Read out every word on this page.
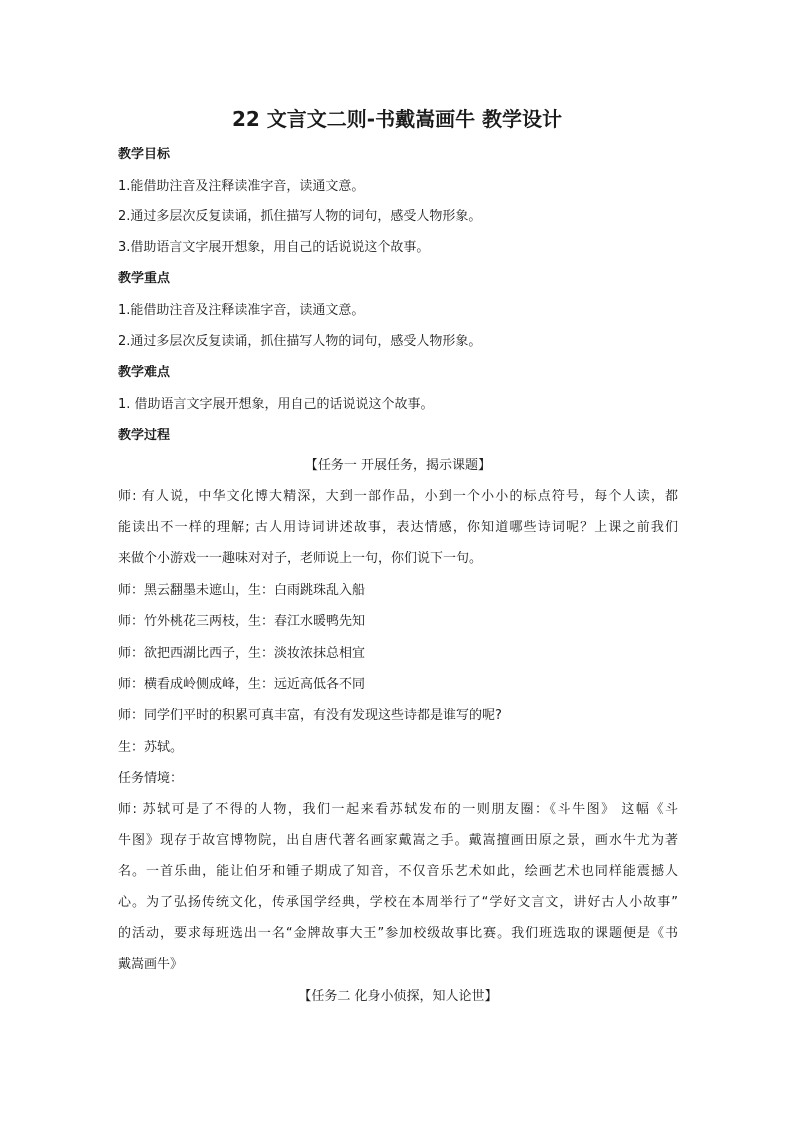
22 文言文二则-书戴嵩画牛 教学设计
教学目标
1.能借助注音及注释读准字音，读通文意。
2.通过多层次反复读诵，抓住描写人物的词句，感受人物形象。
3.借助语言文字展开想象，用自己的话说说这个故事。
教学重点
1.能借助注音及注释读准字音，读通文意。
2.通过多层次反复读诵，抓住描写人物的词句，感受人物形象。
教学难点
1. 借助语言文字展开想象，用自己的话说说这个故事。
教学过程
【任务一 开展任务，揭示课题】
师: 有人说，中华文化博大精深，大到一部作品，小到一个小小的标点符号，每个人读，都
能读出不一样的理解; 古人用诗词讲述故事，表达情感，你知道哪些诗词呢？上课之前我们
来做个小游戏一一趣味对对子，老师说上一句，你们说下一句。
师：黑云翻墨未遮山，生：白雨跳珠乱入船
师：竹外桃花三两枝，生：春江水暖鸭先知
师：欲把西湖比西子，生：淡妆浓抹总相宜
师：横看成岭侧成峰，生：远近高低各不同
师：同学们平时的积累可真丰富，有没有发现这些诗都是谁写的呢?
生：苏轼。
任务情境：
师: 苏轼可是了不得的人物，我们一起来看苏轼发布的一则朋友圈：《斗牛图》 这幅《斗
牛图》现存于故宫博物院，出自唐代著名画家戴嵩之手。戴嵩擅画田原之景，画水牛尤为著
名。一首乐曲，能让伯牙和锺子期成了知音，不仅音乐艺术如此，绘画艺术也同样能震撼人
心。为了弘扬传统文化，传承国学经典，学校在本周举行了“学好文言文，讲好古人小故事”
的活动，要求每班选出一名“金牌故事大王”参加校级故事比赛。我们班选取的课题便是《书
戴嵩画牛》
【任务二 化身小侦探，知人论世】
